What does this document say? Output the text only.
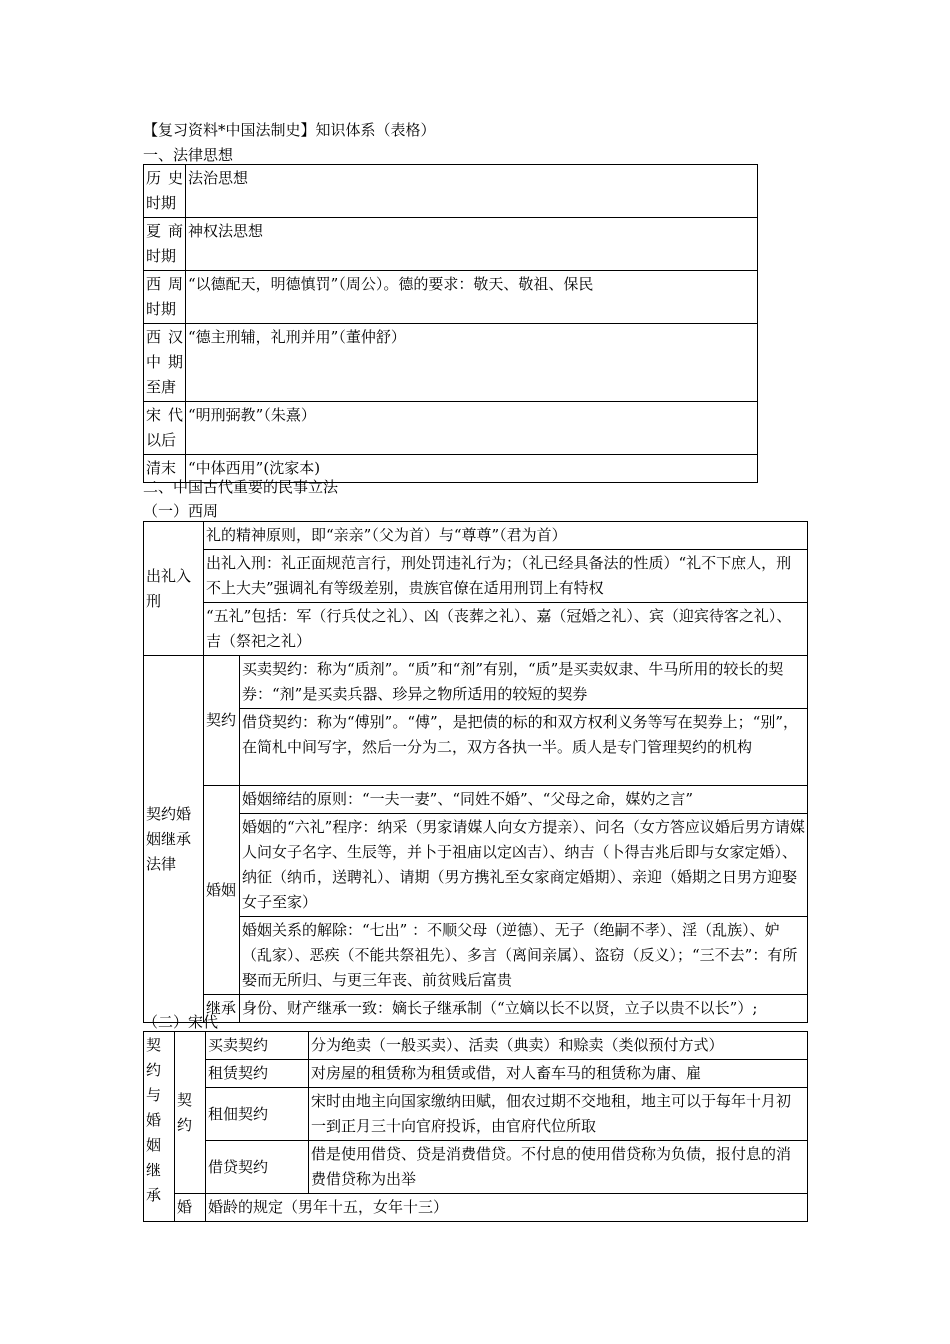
【复习资料*中国法制史】知识体系（表格）
一、法律思想
历史时期	法治思想
夏商时期	神权法思想
西周时期	“以德配天，明德慎罚”（周公）。德的要求：敬天、敬祖、保民
西汉中期至唐	“德主刑辅，礼刑并用”（董仲舒）
宋代以后	“明刑弼教”（朱熹）
清末	“中体西用”(沈家本)
二、中国古代重要的民事立法
（一）西周
出礼入刑	礼的精神原则，即“亲亲”（父为首）与“尊尊”（君为首）	
	出礼入刑：礼正面规范言行，刑处罚违礼行为；（礼已经具备法的性质）“礼不下庶人，刑不上大夫”强调礼有等级差别，贵族官僚在适用刑罚上有特权	
	“五礼”包括：军（行兵仗之礼）、凶（丧葬之礼）、嘉（冠婚之礼）、宾（迎宾待客之礼）、吉（祭祀之礼）	
契约婚姻继承法律	契约	买卖契约：称为“质剂”。“质”和“剂”有别，“质”是买卖奴隶、牛马所用的较长的契券：“剂”是买卖兵器、珍异之物所适用的较短的契券
		借贷契约：称为“傅别”。“傅”，是把债的标的和双方权利义务等写在契券上；“别”，在简札中间写字，然后一分为二，双方各执一半。质人是专门管理契约的机构
	婚姻	婚姻缔结的原则：“一夫一妻”、“同姓不婚”、“父母之命，媒妁之言”
		婚姻的“六礼”程序：纳采（男家请媒人向女方提亲）、问名（女方答应议婚后男方请媒人问女子名字、生辰等，并卜于祖庙以定凶吉）、纳吉（卜得吉兆后即与女家定婚）、纳征（纳币，送聘礼）、请期（男方携礼至女家商定婚期）、亲迎（婚期之日男方迎娶女子至家）
		婚姻关系的解除：“七出” ：不顺父母（逆德）、无子（绝嗣不孝）、淫（乱族）、妒（乱家）、恶疾（不能共祭祖先）、多言（离间亲属）、盗窃（反义）；“三不去”：有所娶而无所归、与更三年丧、前贫贱后富贵
	继承	身份、财产继承一致：嫡长子继承制（“立嫡以长不以贤，立子以贵不以长”）;
（二）宋代
契约与婚姻继承	契约	买卖契约	分为绝卖（一般买卖）、活卖（典卖）和赊卖（类似预付方式）
		租赁契约	对房屋的租赁称为租赁或借，对人畜车马的租赁称为庸、雇
		租佃契约	宋时由地主向国家缴纳田赋，佃农过期不交地租，地主可以于每年十月初一到正月三十向官府投诉，由官府代位所取
		借贷契约	借是使用借贷、贷是消费借贷。不付息的使用借贷称为负债，报付息的消费借贷称为出举
	婚	婚龄的规定（男年十五，女年十三）	
